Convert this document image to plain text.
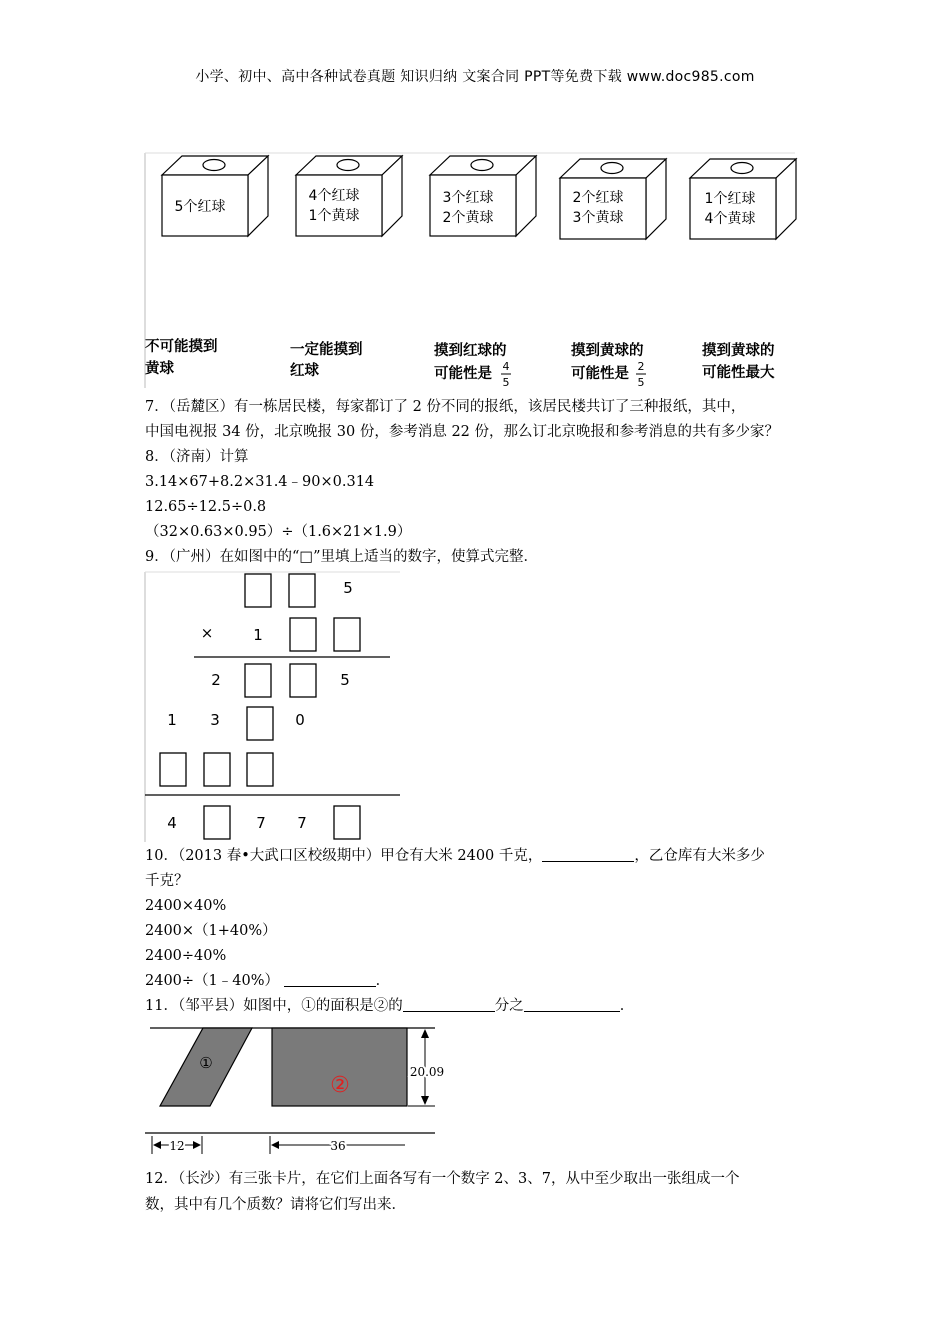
小学、初中、高中各种试卷真题 知识归纳 文案合同 PPT等免费下载 www.doc985.com
5个红球
4个红球
1个黄球
3个红球
2个黄球
2个红球
3个黄球
1个红球
4个黄球
不可能摸到
黄球
一定能摸到
红球
摸到红球的
可能性是
摸到黄球的
可能性是
摸到黄球的
可能性最大
4
5
2
5
7．（岳麓区）有一栋居民楼，每家都订了 2 份不同的报纸，该居民楼共订了三种报纸，其中，
中国电视报 34 份，北京晚报 30 份，参考消息 22 份，那么订北京晚报和参考消息的共有多少家？
8．（济南）计算
3.14×67+8.2×31.4﹣90×0.314
12.65÷12.5÷0.8
（32×0.63×0.95）÷（1.6×21×1.9）
9．（广州）在如图中的“□”里填上适当的数字，使算式完整．
5
×	1
2	5
1 3	0
4	7 7
10．（2013 春•大武口区校级期中）甲仓有大米 2400 千克，	，乙仓库有大米多少
千克？
2400×40%
2400×（1+40%）
2400÷40%
2400÷（1﹣40%）	．
11．（邹平县）如图中，①的面积是②的	分之	．
①
②
20.09
12	36
12．（长沙）有三张卡片，在它们上面各写有一个数字 2、3、7，从中至少取出一张组成一个
数，其中有几个质数？请将它们写出来．
